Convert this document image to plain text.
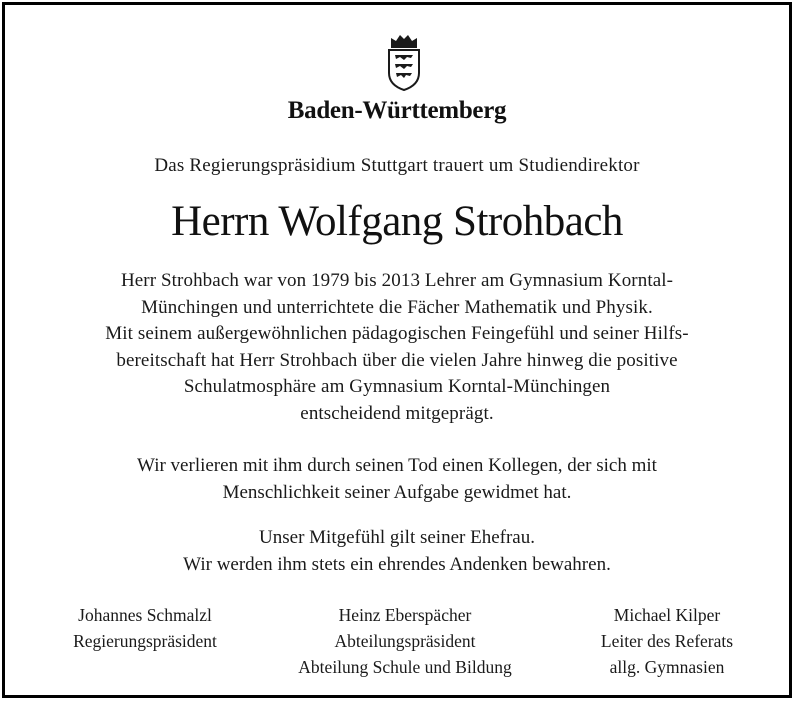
Baden-Württemberg
Das Regierungspräsidium Stuttgart trauert um Studiendirektor
Herrn Wolfgang Strohbach
Herr Strohbach war von 1979 bis 2013 Lehrer am Gymnasium Korntal-
Münchingen und unterrichtete die Fächer Mathematik und Physik.
Mit seinem außergewöhnlichen pädagogischen Feingefühl und seiner Hilfs-
bereitschaft hat Herr Strohbach über die vielen Jahre hinweg die positive
Schulatmosphäre am Gymnasium Korntal-Münchingen
entscheidend mitgeprägt.
Wir verlieren mit ihm durch seinen Tod einen Kollegen, der sich mit
Menschlichkeit seiner Aufgabe gewidmet hat.
Unser Mitgefühl gilt seiner Ehefrau.
Wir werden ihm stets ein ehrendes Andenken bewahren.
Johannes Schmalzl
Regierungspräsident
Heinz Eberspächer
Abteilungspräsident
Abteilung Schule und Bildung
Michael Kilper
Leiter des Referats
allg. Gymnasien
